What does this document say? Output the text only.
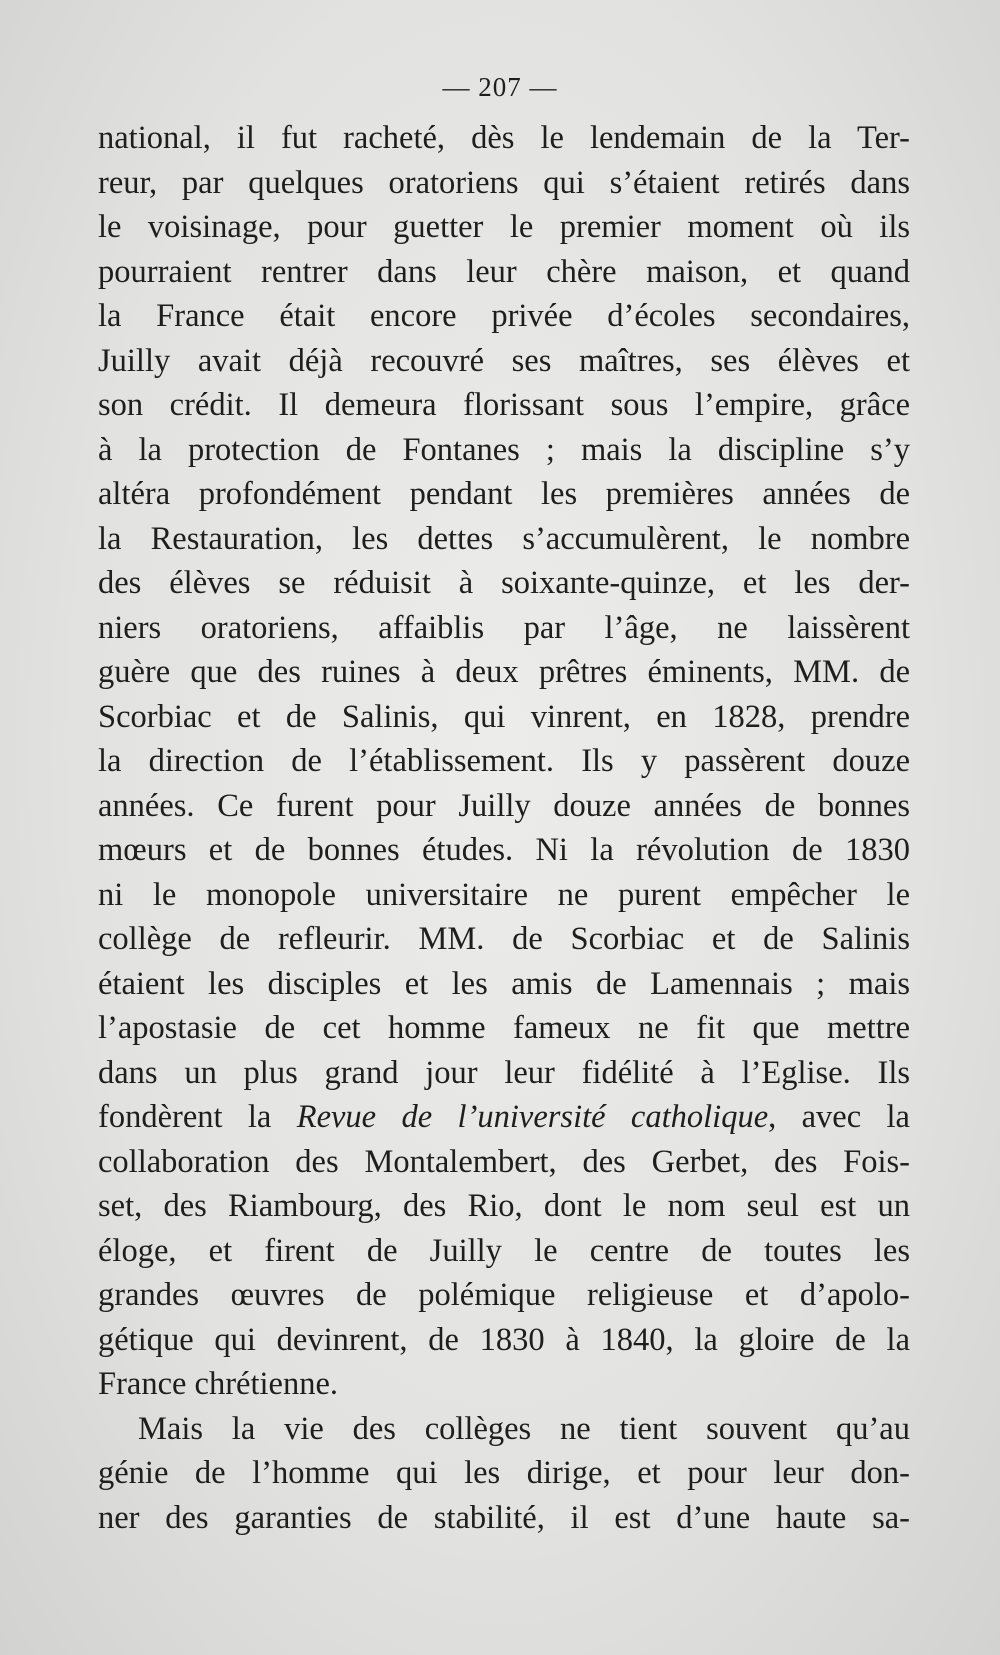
— 207 —
national, il fut racheté, dès le lendemain de la Ter-
reur, par quelques oratoriens qui s’étaient retirés dans
le voisinage, pour guetter le premier moment où ils
pourraient rentrer dans leur chère maison, et quand
la France était encore privée d’écoles secondaires,
Juilly avait déjà recouvré ses maîtres, ses élèves et
son crédit. Il demeura florissant sous l’empire, grâce
à la protection de Fontanes ; mais la discipline s’y
altéra profondément pendant les premières années de
la Restauration, les dettes s’accumulèrent, le nombre
des élèves se réduisit à soixante-quinze, et les der-
niers oratoriens, affaiblis par l’âge, ne laissèrent
guère que des ruines à deux prêtres éminents, MM. de
Scorbiac et de Salinis, qui vinrent, en 1828, prendre
la direction de l’établissement. Ils y passèrent douze
années. Ce furent pour Juilly douze années de bonnes
mœurs et de bonnes études. Ni la révolution de 1830
ni le monopole universitaire ne purent empêcher le
collège de refleurir. MM. de Scorbiac et de Salinis
étaient les disciples et les amis de Lamennais ; mais
l’apostasie de cet homme fameux ne fit que mettre
dans un plus grand jour leur fidélité à l’Eglise. Ils
fondèrent la Revue de l’université catholique, avec la
collaboration des Montalembert, des Gerbet, des Fois-
set, des Riambourg, des Rio, dont le nom seul est un
éloge, et firent de Juilly le centre de toutes les
grandes œuvres de polémique religieuse et d’apolo-
gétique qui devinrent, de 1830 à 1840, la gloire de la
France chrétienne.
Mais la vie des collèges ne tient souvent qu’au
génie de l’homme qui les dirige, et pour leur don-
ner des garanties de stabilité, il est d’une haute sa-
